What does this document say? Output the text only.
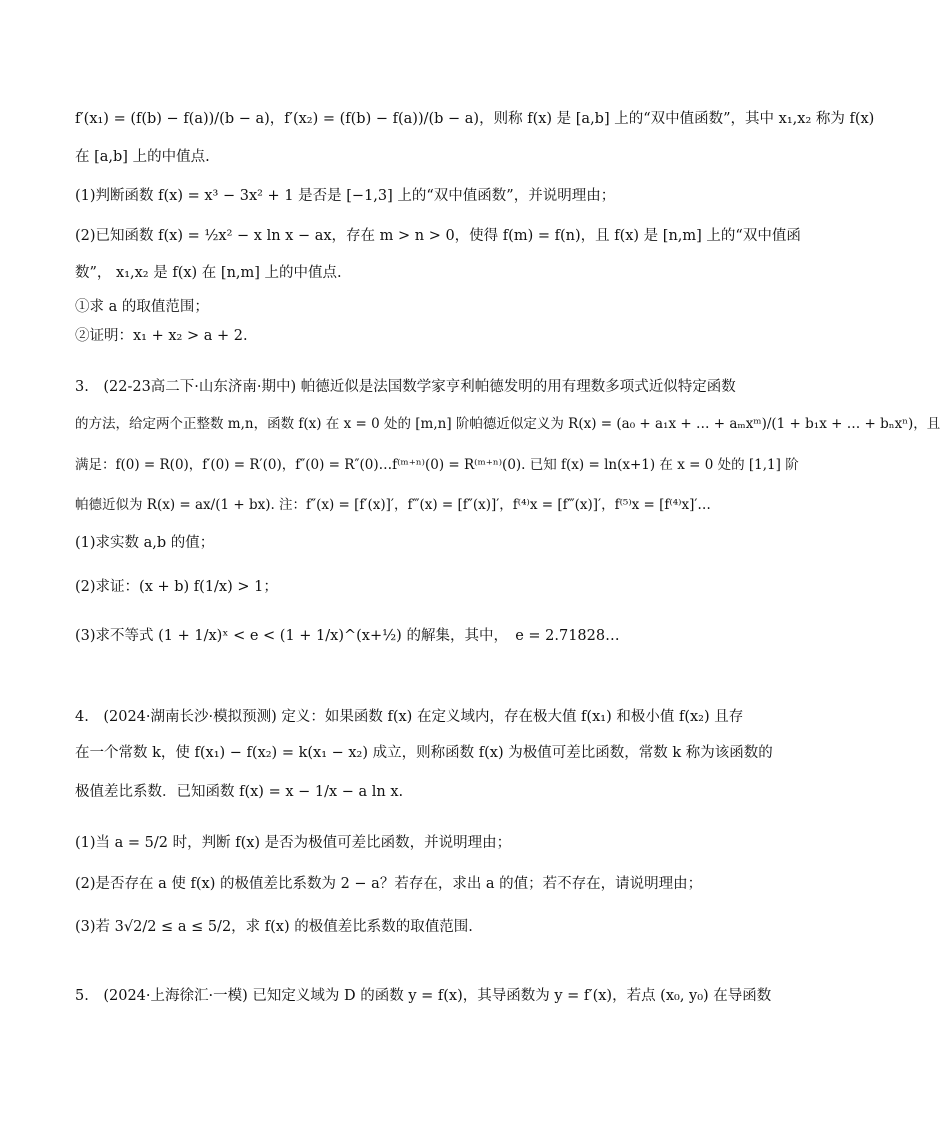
f′(x₁) = (f(b) − f(a))/(b − a)，f′(x₂) = (f(b) − f(a))/(b − a)，则称 f(x) 是 [a,b] 上的“双中值函数”，其中 x₁,x₂ 称为 f(x)
在 [a,b] 上的中值点.
(1)判断函数 f(x) = x³ − 3x² + 1 是否是 [−1,3] 上的“双中值函数”，并说明理由；
(2)已知函数 f(x) = ½x² − x ln x − ax，存在 m > n > 0，使得 f(m) = f(n)，且 f(x) 是 [n,m] 上的“双中值函
数”， x₁,x₂ 是 f(x) 在 [n,m] 上的中值点.
①求 a 的取值范围；
②证明：x₁ + x₂ > a + 2.
3.　(22-23高二下·山东济南·期中) 帕德近似是法国数学家亨利帕德发明的用有理数多项式近似特定函数
的方法，给定两个正整数 m,n，函数 f(x) 在 x = 0 处的 [m,n] 阶帕德近似定义为 R(x) = (a₀ + a₁x + … + aₘxᵐ)/(1 + b₁x + … + bₙxⁿ)，且
满足：f(0) = R(0)，f′(0) = R′(0)，f″(0) = R″(0)…f⁽ᵐ⁺ⁿ⁾(0) = R⁽ᵐ⁺ⁿ⁾(0). 已知 f(x) = ln(x+1) 在 x = 0 处的 [1,1] 阶
帕德近似为 R(x) = ax/(1 + bx). 注：f″(x) = [f′(x)]′，f‴(x) = [f″(x)]′，f⁽⁴⁾x = [f‴(x)]′，f⁽⁵⁾x = [f⁽⁴⁾x]′…
(1)求实数 a,b 的值；
(2)求证：(x + b) f(1/x) > 1；
(3)求不等式 (1 + 1/x)ˣ < e < (1 + 1/x)^(x+½) 的解集，其中，　e = 2.71828…
4.　(2024·湖南长沙·模拟预测) 定义：如果函数 f(x) 在定义域内，存在极大值 f(x₁) 和极小值 f(x₂) 且存
在一个常数 k，使 f(x₁) − f(x₂) = k(x₁ − x₂) 成立，则称函数 f(x) 为极值可差比函数，常数 k 称为该函数的
极值差比系数．已知函数 f(x) = x − 1/x − a ln x.
(1)当 a = 5/2 时，判断 f(x) 是否为极值可差比函数，并说明理由；
(2)是否存在 a 使 f(x) 的极值差比系数为 2 − a？若存在，求出 a 的值；若不存在，请说明理由；
(3)若 3√2/2 ≤ a ≤ 5/2，求 f(x) 的极值差比系数的取值范围.
5.　(2024·上海徐汇·一模) 已知定义域为 D 的函数 y = f(x)，其导函数为 y = f′(x)，若点 (x₀, y₀) 在导函数
